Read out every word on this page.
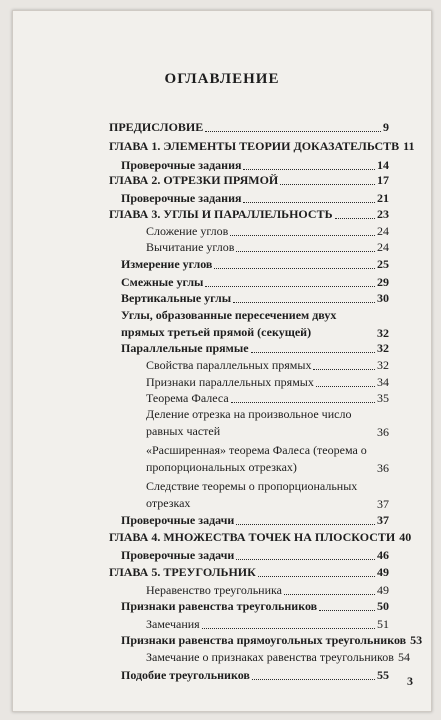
ОГЛАВЛЕНИЕ
ПРЕДИСЛОВИЕ	9
ГЛАВА 1. ЭЛЕМЕНТЫ ТЕОРИИ ДОКАЗАТЕЛЬСТВ 11
Проверочные задания	14
ГЛАВА 2. ОТРЕЗКИ ПРЯМОЙ	17
Проверочные задания	21
ГЛАВА 3. УГЛЫ И ПАРАЛЛЕЛЬНОСТЬ	23
Сложение углов	24
Вычитание углов	24
Измерение углов	25
Смежные углы	29
Вертикальные углы	30
Углы, образованные пересечением двух прямых третьей прямой (секущей)	32
Параллельные прямые	32
Свойства параллельных прямых	32
Признаки параллельных прямых	34
Теорема Фалеса	35
Деление отрезка на произвольное число равных частей	36
«Расширенная» теорема Фалеса (теорема о пропорциональных отрезках)	36
Следствие теоремы о пропорциональных отрезках	37
Проверочные задачи	37
ГЛАВА 4. МНОЖЕСТВА ТОЧЕК НА ПЛОСКОСТИ 40
Проверочные задачи	46
ГЛАВА 5. ТРЕУГОЛЬНИК	49
Неравенство треугольника	49
Признаки равенства треугольников	50
Замечания	51
Признаки равенства прямоугольных треугольников 53
Замечание о признаках равенства треугольников 54
Подобие треугольников	55 3
